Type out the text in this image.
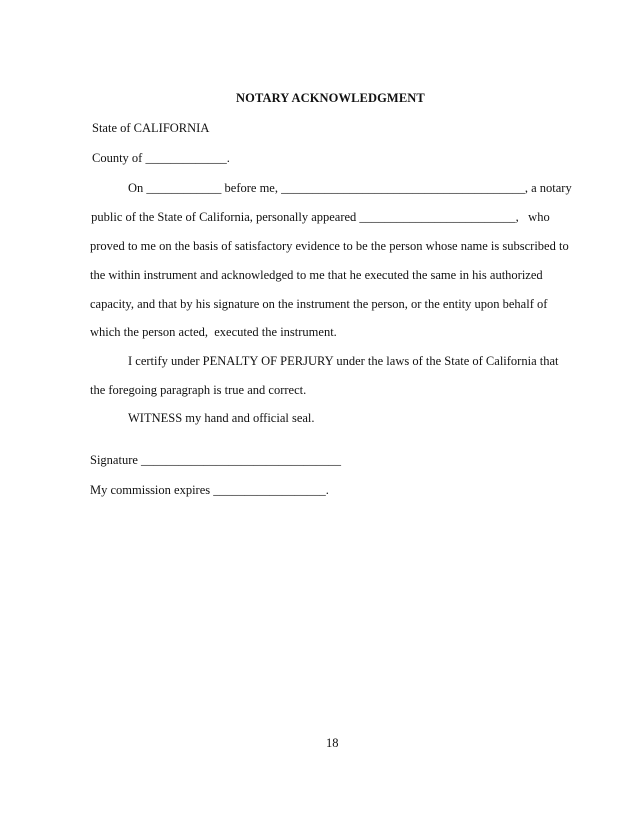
NOTARY ACKNOWLEDGMENT
State of CALIFORNIA
County of _____________.
On ____________ before me, _______________________________________, a notary
public of the State of California, personally appeared _________________________,   who
proved to me on the basis of satisfactory evidence to be the person whose name is subscribed to
the within instrument and acknowledged to me that he executed the same in his authorized
capacity, and that by his signature on the instrument the person, or the entity upon behalf of
which the person acted,  executed the instrument.
I certify under PENALTY OF PERJURY under the laws of the State of California that
the foregoing paragraph is true and correct.
WITNESS my hand and official seal.
Signature ________________________________
My commission expires __________________.
18
